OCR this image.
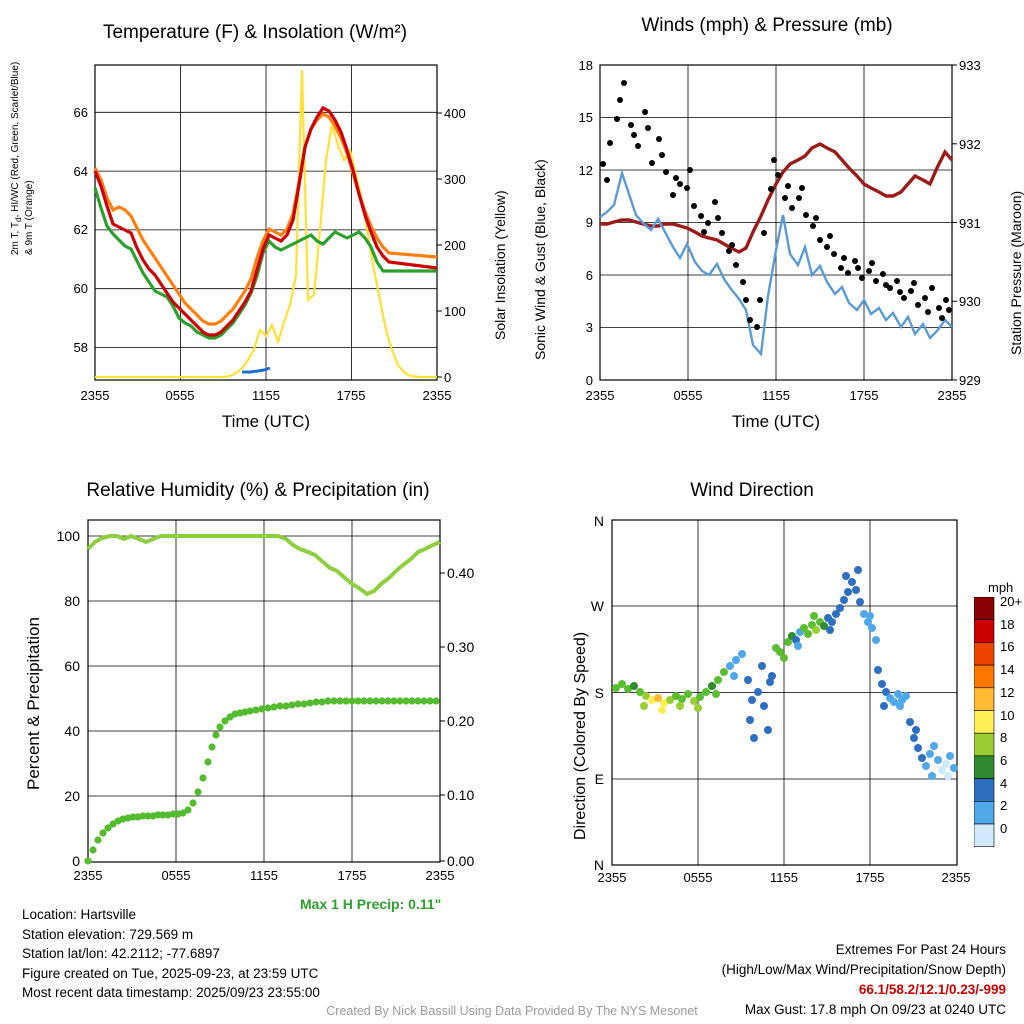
Temperature (F) & Insolation (W/m²)
2m T, $T_d$, HI/WC (Red, Green, Scarlet/Blue)
& 9m T (Orange)	Solar Insolation (Yellow)
58
60
62
64
66
0
100
200
300
400
2355	0555	1155	1755	2355
Time (UTC)
Winds (mph) & Pressure (mb)
Sonic Wind & Gust (Blue, Black)	Station Pressure (Maroon)
0
3
6
9
12
15
18
929
930
931
932
933
2355	0555	1155	1755	2355
Time (UTC)
Relative Humidity (%) & Precipitation (in)
Percent & Precipitation
0
20
40
60
80
100
0.00
0.10
0.20
0.30
0.40
2355	0555	1155	1755	2355
Max 1 H Precip: 0.11"
Wind Direction
Direction (Colored By Speed)
N
W
S
E
N
2355	0555	1155	1755	2355
mph
20+
18
16
14
12
10
8
6
4
2
0
Location: Hartsville
Station elevation: 729.569 m
Station lat/lon: 42.2112; -77.6897
Figure created on Tue, 2025-09-23, at 23:59 UTC
Most recent data timestamp: 2025/09/23 23:55:00
Extremes For Past 24 Hours
(High/Low/Max Wind/Precipitation/Snow Depth)
66.1/58.2/12.1/0.23/-999
Max Gust: 17.8 mph On 09/23 at 0240 UTC
Created By Nick Bassill Using Data Provided By The NYS Mesonet
